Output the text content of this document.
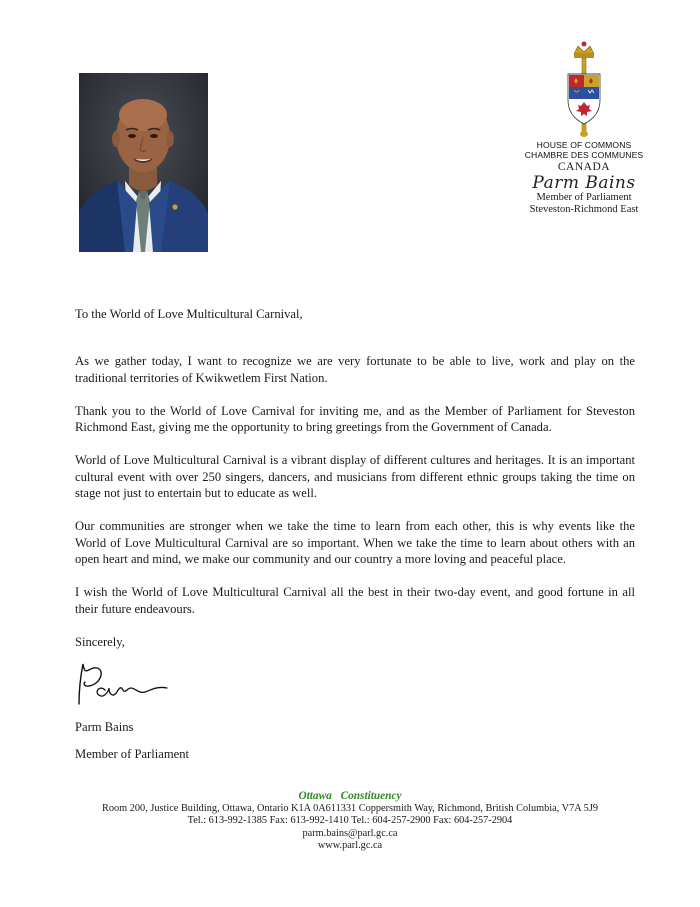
HOUSE OF COMMONS
CHAMBRE DES COMMUNES
CANADA
Parm Bains
Member of Parliament
Steveston-Richmond East

To the World of Love Multicultural Carnival,

As we gather today, I want to recognize we are very fortunate to be able to live, work and play on the traditional territories of Kwikwetlem First Nation.

Thank you to the World of Love Carnival for inviting me, and as the Member of Parliament for Steveston Richmond East, giving me the opportunity to bring greetings from the Government of Canada.

World of Love Multicultural Carnival is a vibrant display of different cultures and heritages. It is an important cultural event with over 250 singers, dancers, and musicians from different ethnic groups taking the time on stage not just to entertain but to educate as well.

Our communities are stronger when we take the time to learn from each other, this is why events like the World of Love Multicultural Carnival are so important. When we take the time to learn about others with an open heart and mind, we make our community and our country a more loving and peaceful place.

I wish the World of Love Multicultural Carnival all the best in their two-day event, and good fortune in all their future endeavours.

Sincerely,

Parm Bains

Member of Parliament

Ottawa Constituency

Room 200, Justice Building, Ottawa, Ontario K1A 0A611331 Coppersmith Way, Richmond, British Columbia, V7A 5J9

Tel.: 613-992-1385 Fax: 613-992-1410 Tel.: 604-257-2900 Fax: 604-257-2904

parm.bains@parl.gc.ca

www.parl.gc.ca
